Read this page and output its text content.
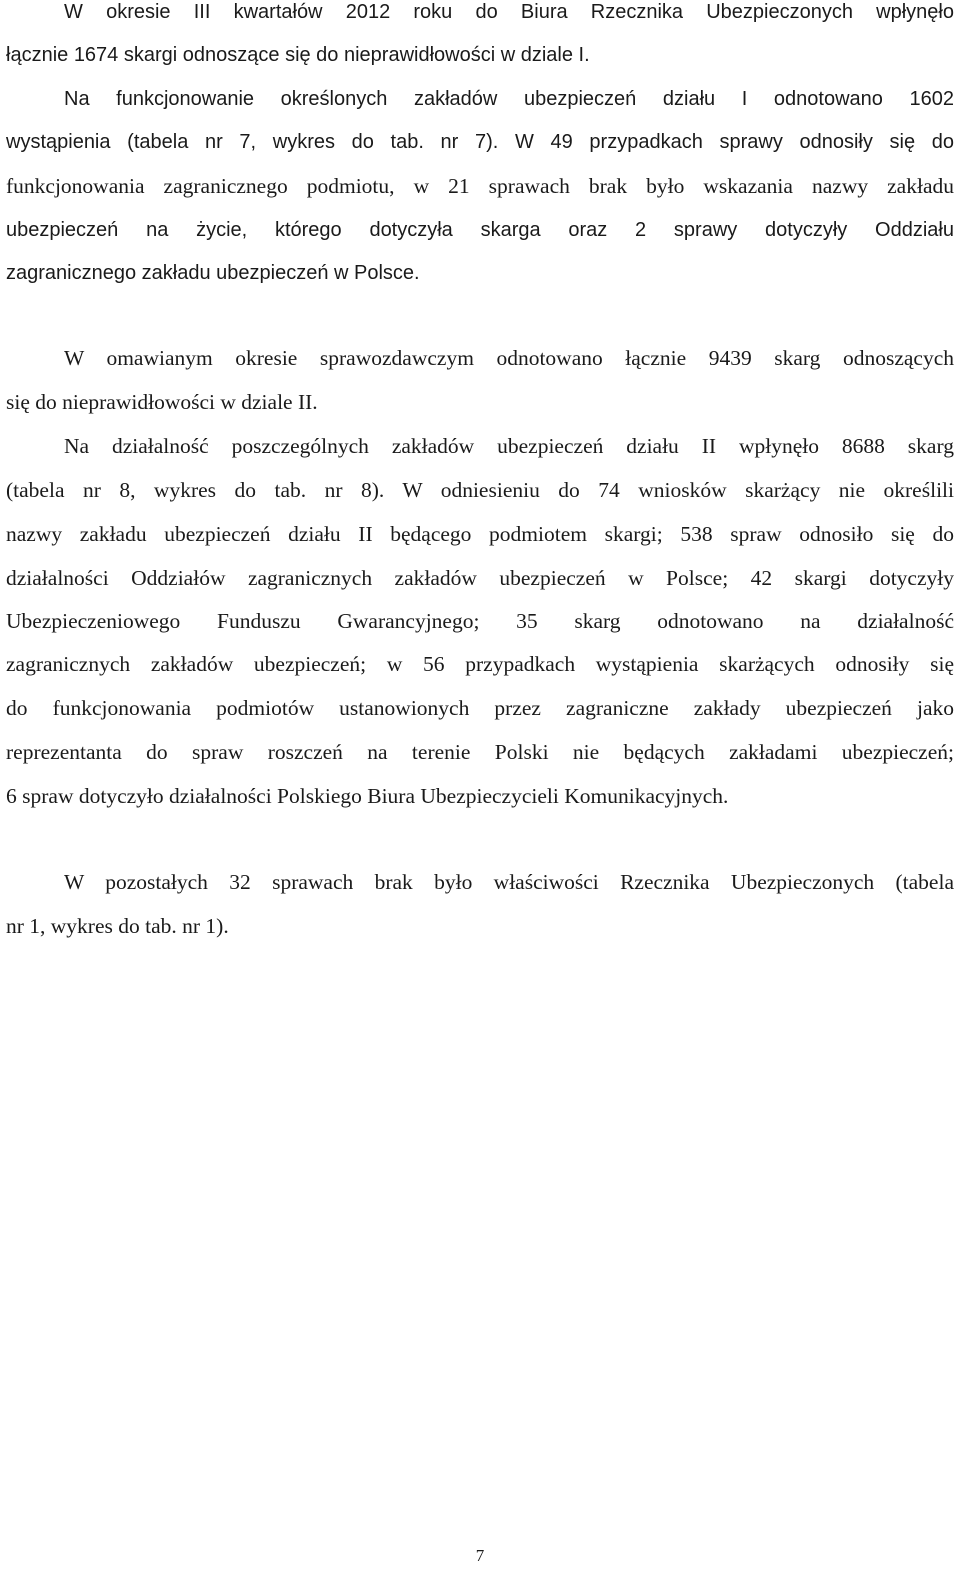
W okresie III kwartałów 2012 roku do Biura Rzecznika Ubezpieczonych wpłynęło
łącznie 1674 skargi odnoszące się do nieprawidłowości w dziale I.
Na funkcjonowanie określonych zakładów ubezpieczeń działu I odnotowano 1602
wystąpienia (tabela nr 7, wykres do tab. nr 7). W 49 przypadkach sprawy odnosiły się do
funkcjonowania zagranicznego podmiotu, w 21 sprawach brak było wskazania nazwy zakładu
ubezpieczeń na życie, którego dotyczyła skarga oraz 2 sprawy dotyczyły Oddziału
zagranicznego zakładu ubezpieczeń w Polsce.
W omawianym okresie sprawozdawczym odnotowano łącznie 9439 skarg odnoszących
się do nieprawidłowości w dziale II.
Na działalność poszczególnych zakładów ubezpieczeń działu II wpłynęło 8688 skarg
(tabela nr 8, wykres do tab. nr 8). W odniesieniu do 74 wniosków skarżący nie określili
nazwy zakładu ubezpieczeń działu II będącego podmiotem skargi; 538 spraw odnosiło się do
działalności Oddziałów zagranicznych zakładów ubezpieczeń w Polsce; 42 skargi dotyczyły
Ubezpieczeniowego Funduszu Gwarancyjnego; 35 skarg odnotowano na działalność
zagranicznych zakładów ubezpieczeń; w 56 przypadkach wystąpienia skarżących odnosiły się
do funkcjonowania podmiotów ustanowionych przez zagraniczne zakłady ubezpieczeń jako
reprezentanta do spraw roszczeń na terenie Polski nie będących zakładami ubezpieczeń;
6 spraw dotyczyło działalności Polskiego Biura Ubezpieczycieli Komunikacyjnych.
W pozostałych 32 sprawach brak było właściwości Rzecznika Ubezpieczonych (tabela
nr 1, wykres do tab. nr 1).
7
